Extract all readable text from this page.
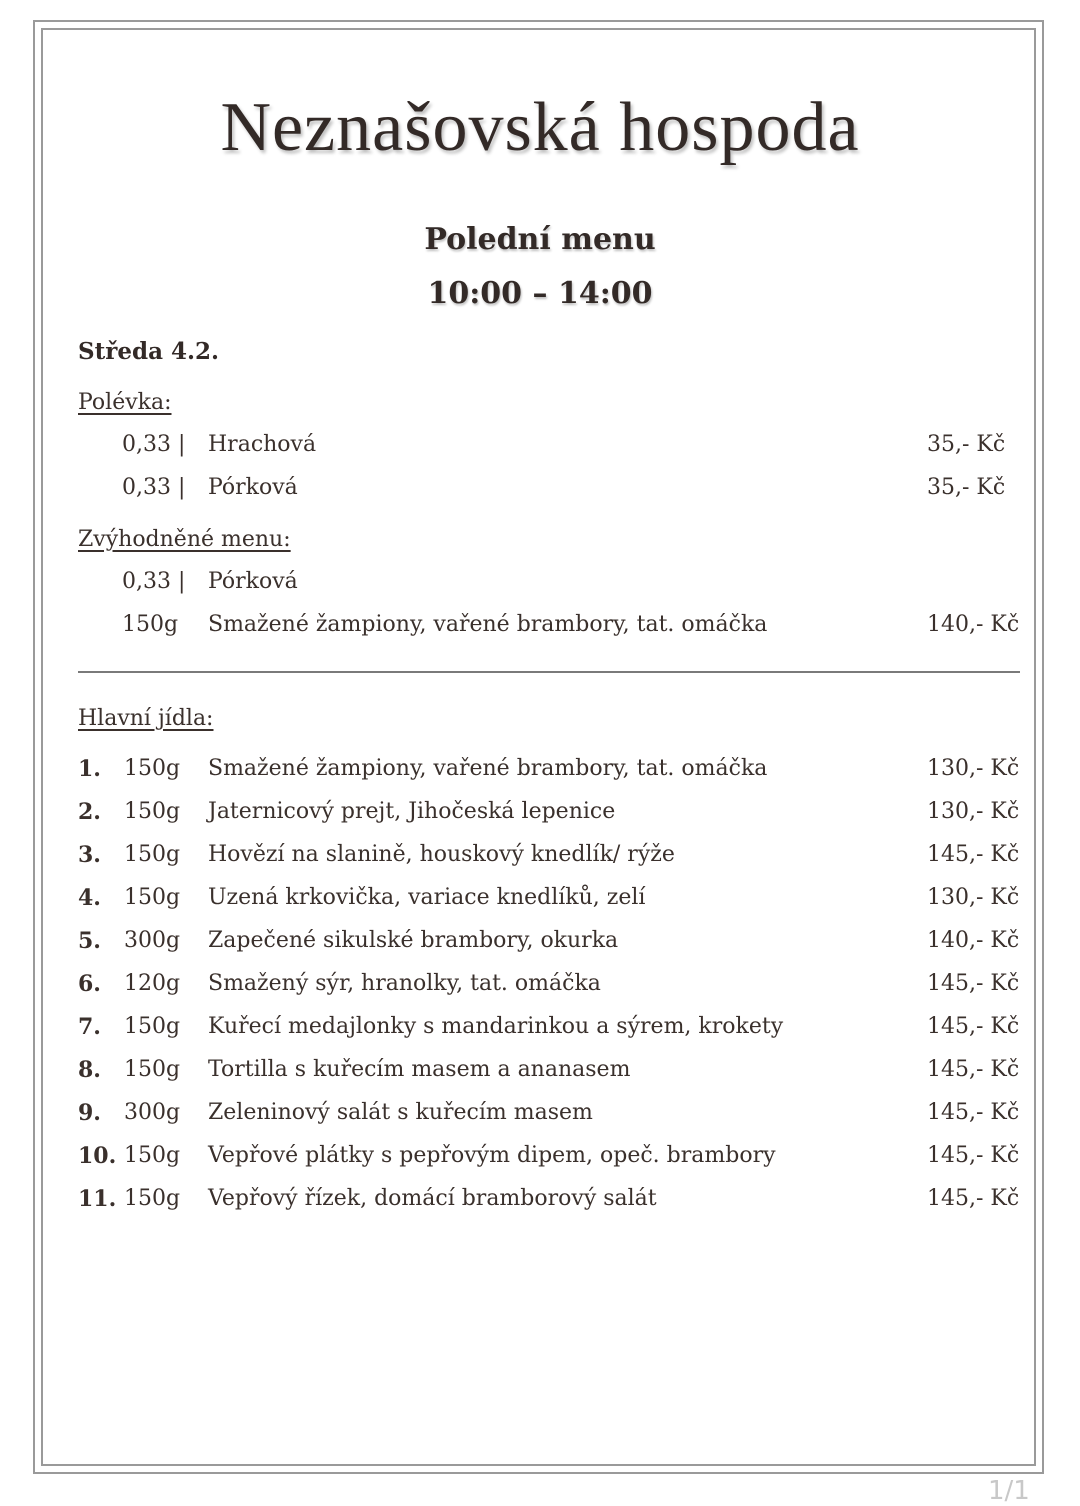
Neznašovská hospoda
Polední menu
10:00 – 14:00
Středa 4.2.
Polévka:
0,33 | Hrachová	35,- Kč
0,33 | Pórková	35,- Kč
Zvýhodněné menu:
0,33 | Pórková
150g Smažené žampiony, vařené brambory, tat. omáčka	140,- Kč
Hlavní jídla:
1. 150g Smažené žampiony, vařené brambory, tat. omáčka	130,- Kč
2. 150g Jaternicový prejt, Jihočeská lepenice	130,- Kč
3. 150g Hovězí na slanině, houskový knedlík/ rýže	145,- Kč
4. 150g Uzená krkovička, variace knedlíků, zelí	130,- Kč
5. 300g Zapečené sikulské brambory, okurka	140,- Kč
6. 120g Smažený sýr, hranolky, tat. omáčka	145,- Kč
7. 150g Kuřecí medajlonky s mandarinkou a sýrem, krokety	145,- Kč
8. 150g Tortilla s kuřecím masem a ananasem	145,- Kč
9. 300g Zeleninový salát s kuřecím masem	145,- Kč
10. 150g Vepřové plátky s pepřovým dipem, opeč. brambory	145,- Kč
11. 150g Vepřový řízek, domácí bramborový salát	145,- Kč
1/1
